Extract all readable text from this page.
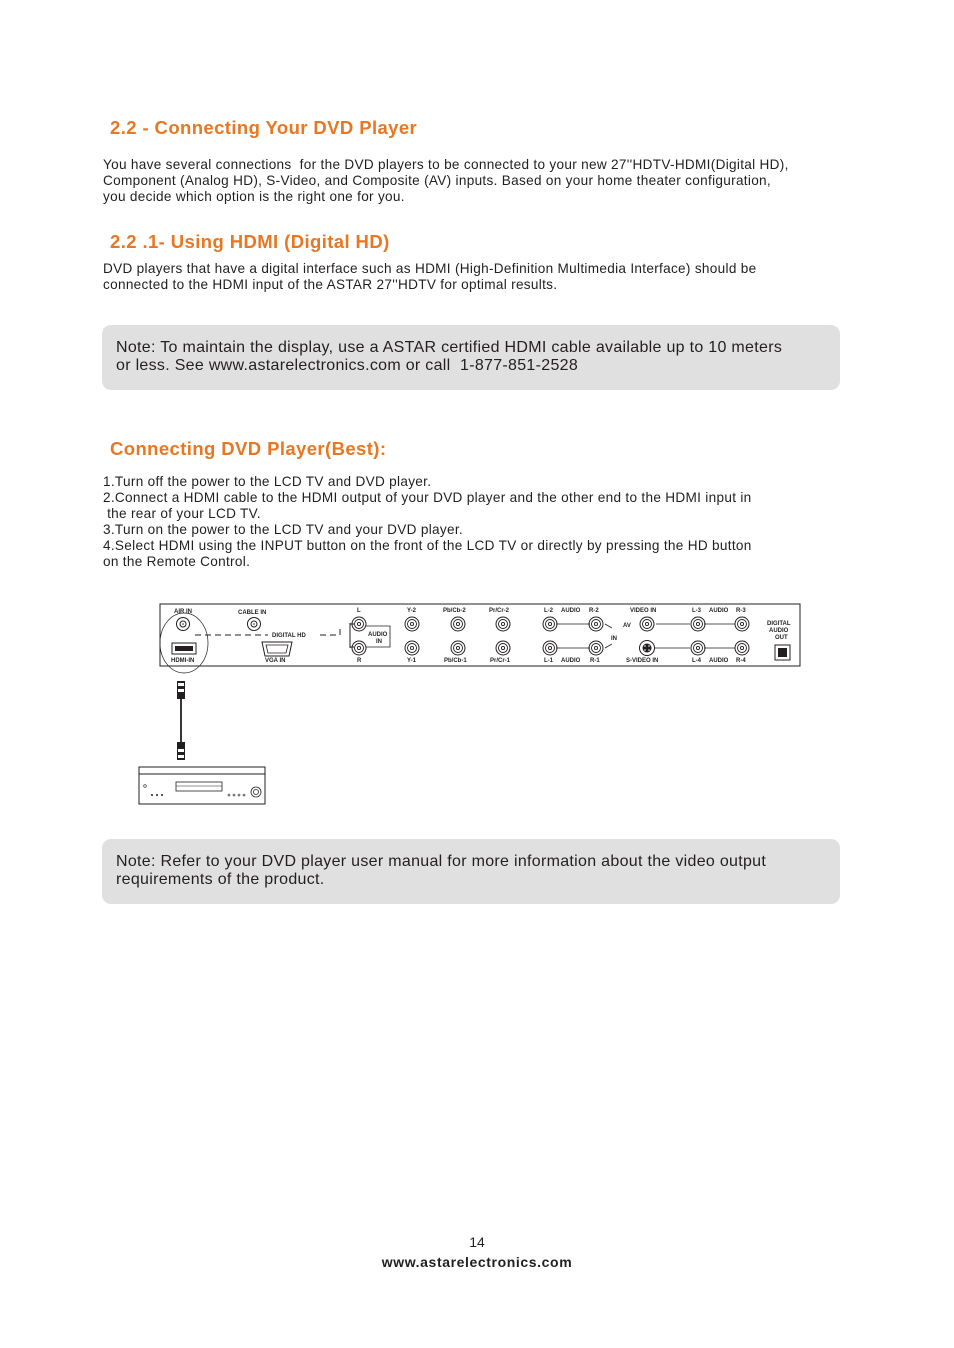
2.2 - Connecting Your DVD Player

You have several connections  for the DVD players to be connected to your new 27''HDTV-HDMI(Digital HD),
Component (Analog HD), S-Video, and Composite (AV) inputs. Based on your home theater configuration,
you decide which option is the right one for you.

2.2 .1- Using HDMI (Digital HD)

DVD players that have a digital interface such as HDMI (High-Definition Multimedia Interface) should be
connected to the HDMI input of the ASTAR 27''HDTV for optimal results.

Note: To maintain the display, use a ASTAR certified HDMI cable available up to 10 meters
or less. See www.astarelectronics.com or call  1-877-851-2528
Connecting DVD Player(Best):
1.Turn off the power to the LCD TV and DVD player.
2.Connect a HDMI cable to the HDMI output of your DVD player and the other end to the HDMI input in
the rear of your LCD TV.
3.Turn on the power to the LCD TV and your DVD player.
4.Select HDMI using the INPUT button on the front of the LCD TV or directly by pressing the HD button
on the Remote Control.
AIR IN	CABLE IN
DIGITAL HD
HDMI-IN	VGA IN
L
R
AUDIO
IN
Y-2
Y-1
Pb/Cb-2
Pb/Cb-1
Pr/Cr-2
Pr/Cr-1
L-2 AUDIO R-2
L-1 AUDIO R-1
VIDEO IN
AV
IN
S-VIDEO IN
L-3 AUDIO R-3
L-4 AUDIO R-4
DIGITAL
AUDIO
OUT
Note: Refer to your DVD player user manual for more information about the video output
requirements of the product.
14
www.astarelectronics.com
